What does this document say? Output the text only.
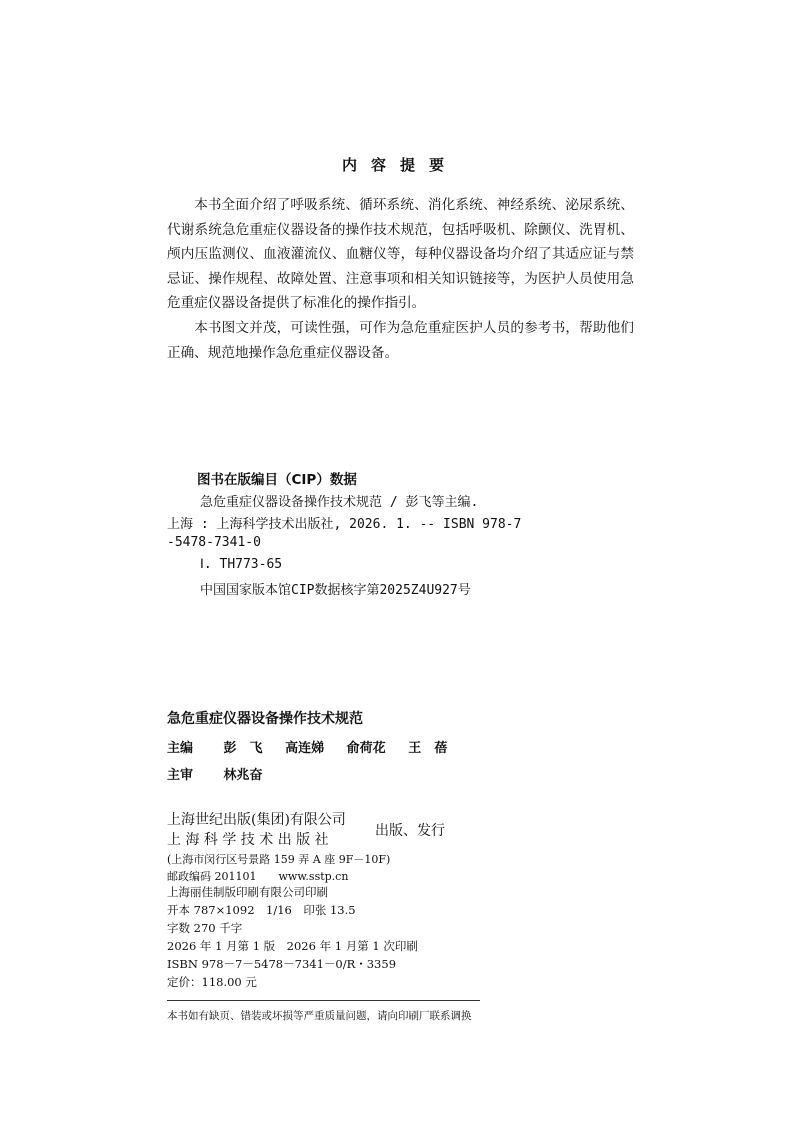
内容提要

本书全面介绍了呼吸系统、循环系统、消化系统、神经系统、泌尿系统、代谢系统急危重症仪器设备的操作技术规范，包括呼吸机、除颤仪、洗胃机、颅内压监测仪、血液灌流仪、血糖仪等，每种仪器设备均介绍了其适应证与禁忌证、操作规程、故障处置、注意事项和相关知识链接等，为医护人员使用急危重症仪器设备提供了标准化的操作指引。

本书图文并茂，可读性强，可作为急危重症医护人员的参考书，帮助他们正确、规范地操作急危重症仪器设备。

图书在版编目（CIP）数据
急危重症仪器设备操作技术规范 / 彭飞等主编.
上海 : 上海科学技术出版社, 2026. 1. -- ISBN 978-7
-5478-7341-0
Ⅰ. TH773-65
中国国家版本馆CIP数据核字第2025Z4U927号
急危重症仪器设备操作技术规范
主编 彭　飞 高连娣 俞荷花 王　蓓
主审 林兆奋
上海世纪出版(集团)有限公司
上 海 科 学 技 术 出 版 社
出版、发行
(上海市闵行区号景路 159 弄 A 座 9F－10F)
邮政编码 201101　　www.sstp.cn
上海丽佳制版印刷有限公司印刷
开本 787×1092　1/16　印张 13.5
字数 270 千字
2026 年 1 月第 1 版　2026 年 1 月第 1 次印刷
ISBN 978－7－5478－7341－0/R・3359
定价：118.00 元
本书如有缺页、错装或坏损等严重质量问题，请向印刷厂联系调换
